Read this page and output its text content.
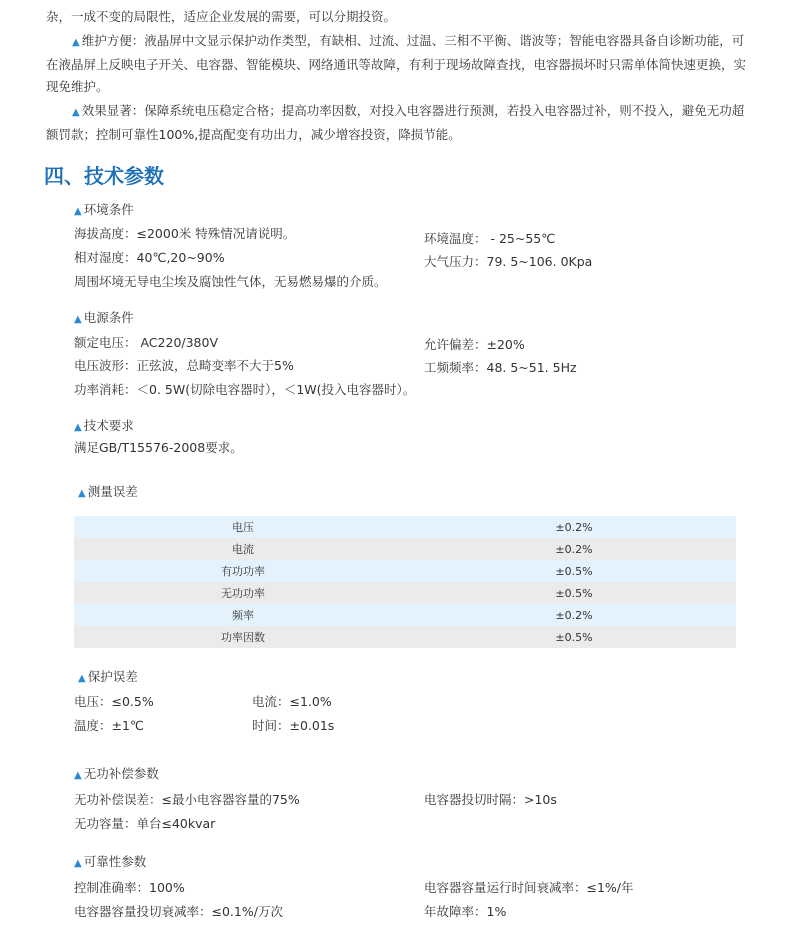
杂，一成不变的局限性，适应企业发展的需要，可以分期投资。

▲ 维护方便：液晶屏中文显示保护动作类型，有缺相、过流、过温、三相不平衡、谐波等；智能电容器具备自诊断功能，可在液晶屏上反映电子开关、电容器、智能模块、网络通讯等故障，有利于现场故障查找，电容器损坏时只需单体简快速更换，实现免维护。

▲ 效果显著：保障系统电压稳定合格；提高功率因数，对投入电容器进行预测，若投入电容器过补，则不投入，避免无功超额罚款；控制可靠性100%,提高配变有功出力，减少增容投资，降损节能。

四、技术参数

▲ 环境条件

海拔高度：≤2000米 特殊情况请说明。	环境温度： - 25~55℃

相对湿度：40℃,20~90%	大气压力：79. 5~106. 0Kpa

周围坏境无导电尘埃及腐蚀性气体，无易燃易爆的介质。

▲ 电源条件

额定电压： AC220/380V	允许偏差：±20%

电压波形：正弦波，总畸变率不大于5%	工频频率：48. 5~51. 5Hz

功率消耗：＜0. 5W(切除电容器时），＜1W(投入电容器时）。

▲ 技术要求

满足GB/T15576-2008要求。

▲ 测量误差

电压	±0.2%
电流	±0.2%
有功功率	±0.5%
无功功率	±0.5%
频率	±0.2%
功率因数	±0.5%

▲ 保护误差

电压：≤0.5%	电流：≤1.0%

温度：±1℃	时间：±0.01s

▲ 无功补偿参数

无功补偿误差：≤最小电容器容量的75%	电容器投切时隔：>10s

无功容量：单台≤40kvar

▲ 可靠性参数

控制准确率：100%	电容器容量运行时间衰减率：≤1%/年

电容器容量投切衰减率：≤0.1%/万次	年故障率：1%
